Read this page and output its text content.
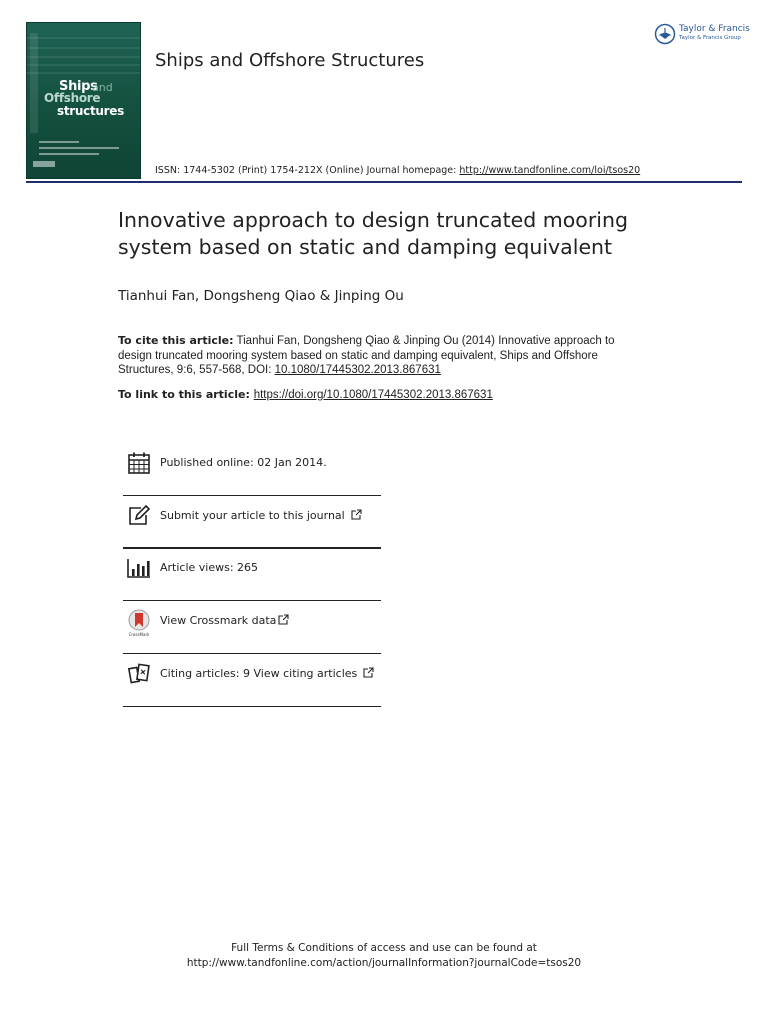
Ships
and
Offshore
structures
Ships and Offshore Structures
ISSN: 1744-5302 (Print) 1754-212X (Online) Journal homepage: http://www.tandfonline.com/loi/tsos20
Taylor & Francis
Taylor & Francis Group
Innovative approach to design truncated mooring system based on static and damping equivalent
Tianhui Fan, Dongsheng Qiao & Jinping Ou
To cite this article: Tianhui Fan, Dongsheng Qiao & Jinping Ou (2014) Innovative approach to design truncated mooring system based on static and damping equivalent, Ships and Offshore Structures, 9:6, 557-568, DOI: 10.1080/17445302.2013.867631
To link to this article: https://doi.org/10.1080/17445302.2013.867631
Published online: 02 Jan 2014.
Submit your article to this journal
Article views: 265
CrossMark
View Crossmark data
Citing articles: 9 View citing articles
Full Terms & Conditions of access and use can be found at
http://www.tandfonline.com/action/journalInformation?journalCode=tsos20
